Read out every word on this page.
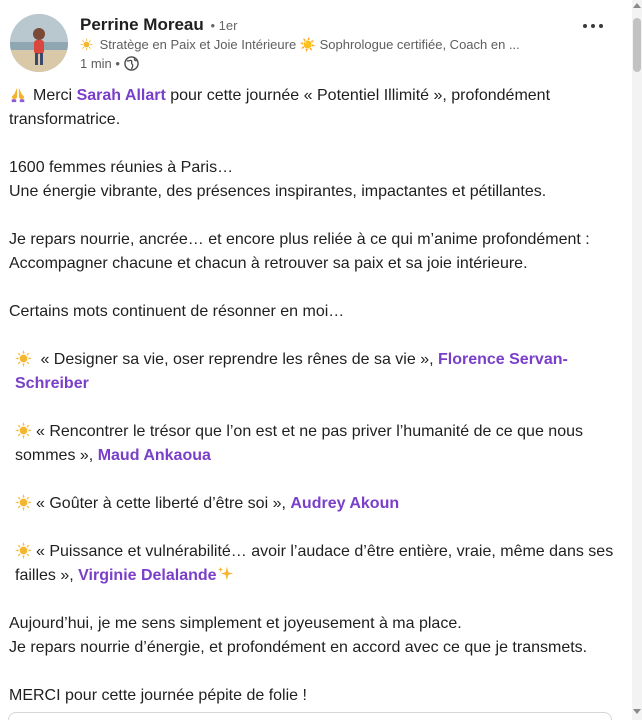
Perrine Moreau • 1er
Stratège en Paix et Joie Intérieure ☀️ Sophrologue certifiée, Coach en ...
1 min •

Merci Sarah Allart pour cette journée « Potentiel Illimité », profondément transformatrice.

1600 femmes réunies à Paris…
Une énergie vibrante, des présences inspirantes, impactantes et pétillantes.

Je repars nourrie, ancrée… et encore plus reliée à ce qui m’anime profondément :
Accompagner chacune et chacun à retrouver sa paix et sa joie intérieure.

Certains mots continuent de résonner en moi…

« Designer sa vie, oser reprendre les rênes de sa vie », Florence Servan-Schreiber

« Rencontrer le trésor que l’on est et ne pas priver l’humanité de ce que nous sommes », Maud Ankaoua

« Goûter à cette liberté d’être soi », Audrey Akoun

« Puissance et vulnérabilité… avoir l’audace d’être entière, vraie, même dans ses failles », Virginie Delalande

Aujourd’hui, je me sens simplement et joyeusement à ma place.
Je repars nourrie d’énergie, et profondément en accord avec ce que je transmets.

MERCI pour cette journée pépite de folie !
